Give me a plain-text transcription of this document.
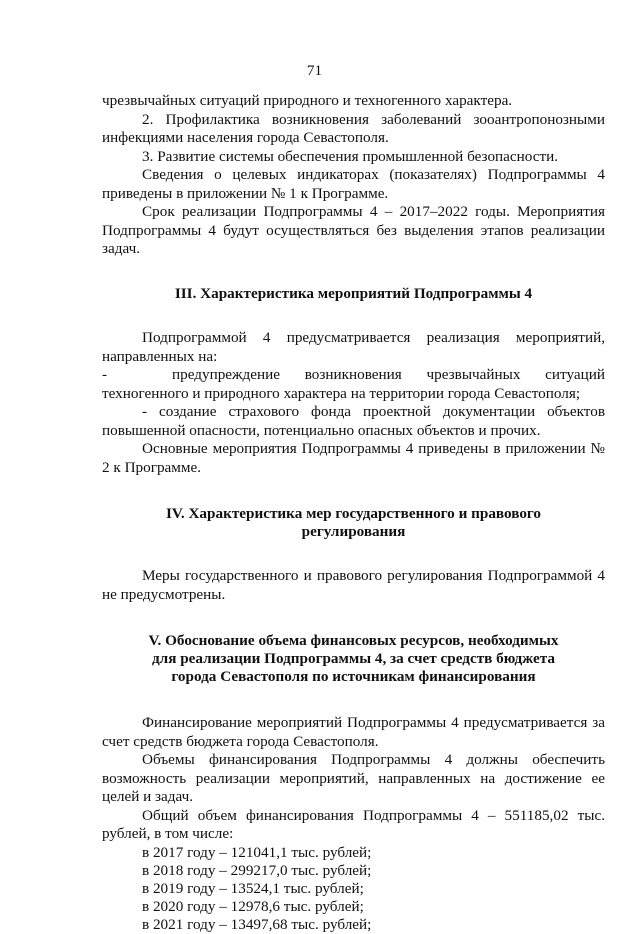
71

чрезвычайных ситуаций природного и техногенного характера.

2. Профилактика возникновения заболеваний зооантропонозными инфекциями населения города Севастополя.

3. Развитие системы обеспечения промышленной безопасности.

Сведения о целевых индикаторах (показателях) Подпрограммы 4 приведены в приложении № 1 к Программе.

Срок реализации Подпрограммы 4 – 2017–2022 годы. Мероприятия Подпрограммы 4 будут осуществляться без выделения этапов реализации задач.

III. Характеристика мероприятий Подпрограммы 4

Подпрограммой 4 предусматривается реализация мероприятий, направленных на:

-	предупреждение возникновения чрезвычайных ситуаций техногенного и природного характера на территории города Севастополя;

- создание страхового фонда проектной документации объектов повышенной опасности, потенциально опасных объектов и прочих.

Основные мероприятия Подпрограммы 4 приведены в приложении № 2 к Программе.

IV. Характеристика мер государственного и правового
регулирования

Меры государственного и правового регулирования Подпрограммой 4 не предусмотрены.

V. Обоснование объема финансовых ресурсов, необходимых
для реализации Подпрограммы 4, за счет средств бюджета
города Севастополя по источникам финансирования

Финансирование мероприятий Подпрограммы 4 предусматривается за счет средств бюджета города Севастополя.

Объемы финансирования Подпрограммы 4 должны обеспечить возможность реализации мероприятий, направленных на достижение ее целей и задач.

Общий объем финансирования Подпрограммы 4 – 551185,02 тыс. рублей, в том числе:

в 2017 году – 121041,1 тыс. рублей;
в 2018 году – 299217,0 тыс. рублей;
в 2019 году – 13524,1 тыс. рублей;
в 2020 году – 12978,6 тыс. рублей;
в 2021 году – 13497,68 тыс. рублей;
